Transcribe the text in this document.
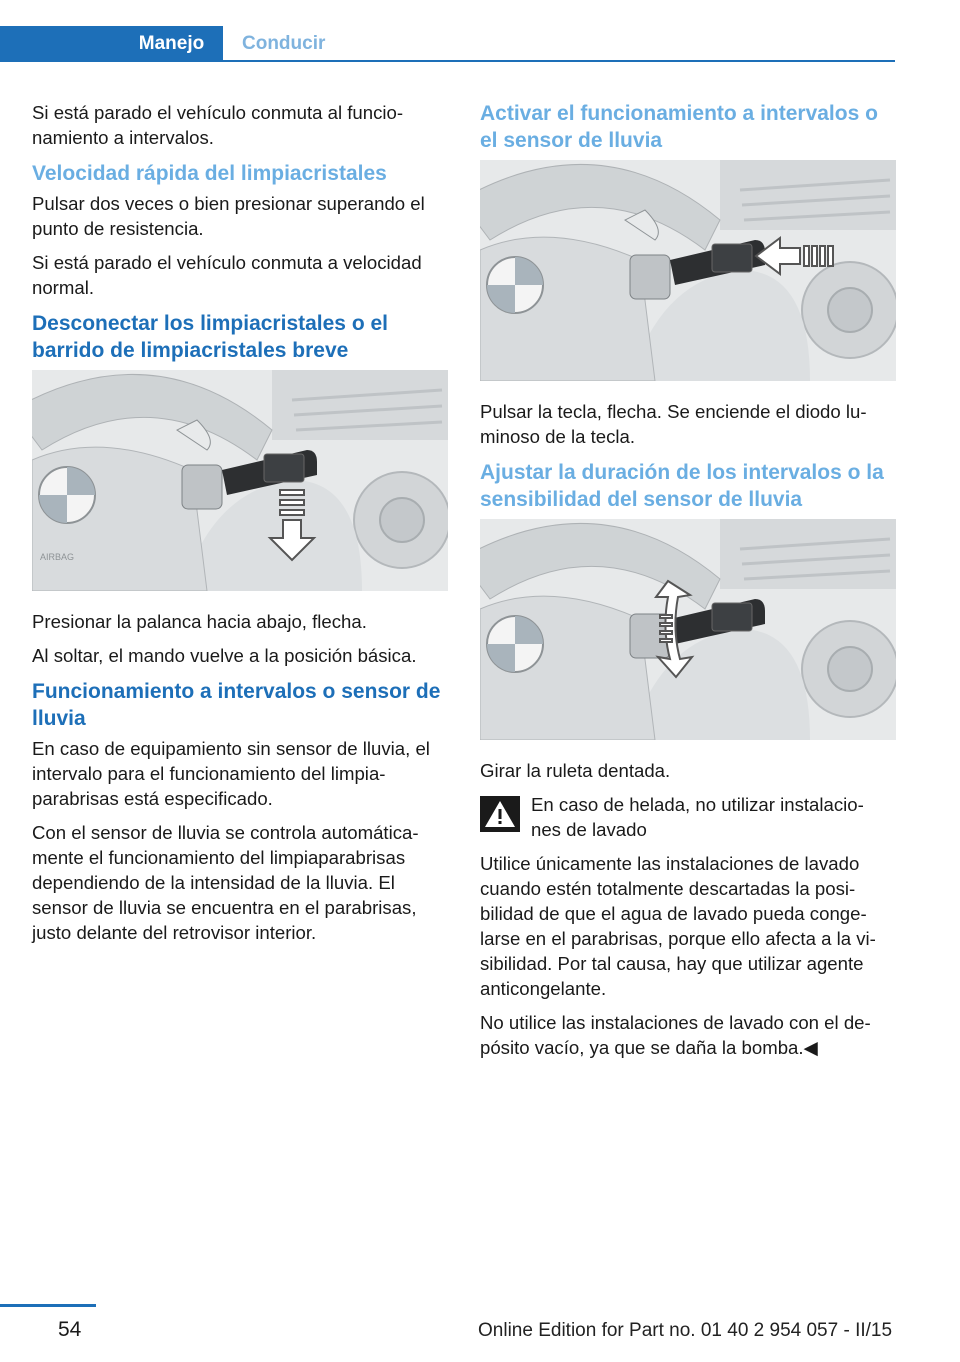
Manejo	Conducir

Si está parado el vehículo conmuta al funcio‐ namiento a intervalos.

Velocidad rápida del limpiacristales

Pulsar dos veces o bien presionar superando el punto de resistencia.

Si está parado el vehículo conmuta a velocidad normal.

Desconectar los limpiacristales o el barrido de limpiacristales breve
AIRBAG

Presionar la palanca hacia abajo, flecha.

Al soltar, el mando vuelve a la posición básica.

Funcionamiento a intervalos o sensor de lluvia

En caso de equipamiento sin sensor de lluvia, el intervalo para el funcionamiento del limpia‐ parabrisas está especificado.

Con el sensor de lluvia se controla automática‐ mente el funcionamiento del limpiaparabrisas dependiendo de la intensidad de la lluvia. El sensor de lluvia se encuentra en el parabrisas, justo delante del retrovisor interior.

Activar el funcionamiento a intervalos o el sensor de lluvia

Pulsar la tecla, flecha. Se enciende el diodo lu‐ minoso de la tecla.

Ajustar la duración de los intervalos o la sensibilidad del sensor de lluvia

Girar la ruleta dentada.

En caso de helada, no utilizar instalacio‐ nes de lavado

Utilice únicamente las instalaciones de lavado cuando estén totalmente descartadas la posi‐ bilidad de que el agua de lavado pueda conge‐ larse en el parabrisas, porque ello afecta a la vi‐ sibilidad. Por tal causa, hay que utilizar agente anticongelante.

No utilice las instalaciones de lavado con el de‐ pósito vacío, ya que se daña la bomba.◀

54	Online Edition for Part no. 01 40 2 954 057 - II/15
